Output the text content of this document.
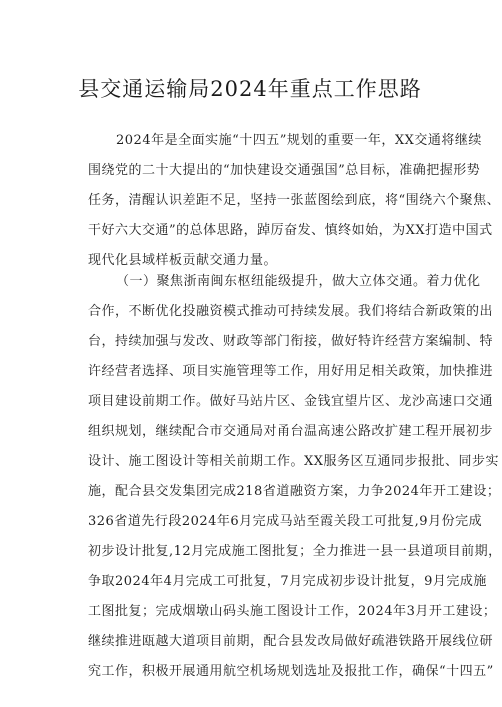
县交通运输局2024年重点工作思路
2024年是全面实施“十四五”规划的重要一年，XX交通将继续
围绕党的二十大提出的“加快建设交通强国”总目标，准确把握形势
任务，清醒认识差距不足，坚持一张蓝图绘到底，将“围绕六个聚焦、
干好六大交通”的总体思路，踔厉奋发、慎终如始，为XX打造中国式
现代化县域样板贡献交通力量。
（一）聚焦浙南闽东枢纽能级提升，做大立体交通。着力优化
合作，不断优化投融资模式推动可持续发展。我们将结合新政策的出
台，持续加强与发改、财政等部门衔接，做好特许经营方案编制、特
许经营者选择、项目实施管理等工作，用好用足相关政策，加快推进
项目建设前期工作。做好马站片区、金钱宜望片区、龙沙高速口交通
组织规划，继续配合市交通局对甬台温高速公路改扩建工程开展初步
设计、施工图设计等相关前期工作。XX服务区互通同步报批、同步实
施，配合县交发集团完成218省道融资方案，力争2024年开工建设；
326省道先行段2024年6月完成马站至霞关段工可批复,9月份完成
初步设计批复,12月完成施工图批复；全力推进一县一县道项目前期，
争取2024年4月完成工可批复，7月完成初步设计批复，9月完成施
工图批复；完成烟墩山码头施工图设计工作，2024年3月开工建设；
继续推进瓯越大道项目前期，配合县发改局做好疏港铁路开展线位研
究工作，积极开展通用航空机场规划选址及报批工作，确保“十四五”
